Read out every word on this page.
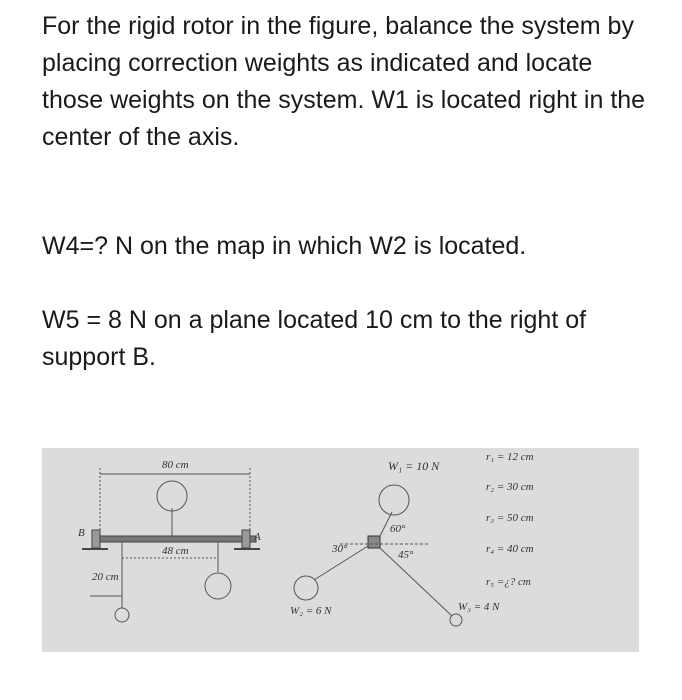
For the rigid rotor in the figure, balance the system by placing correction weights as indicated and locate those weights on the system. W1 is located right in the center of the axis.

W4=? N on the map in which W2 is located.

W5 = 8 N on a plane located 10 cm to the right of support B.

80 cm
48 cm
20 cm
B	A
W₁ = 10 N
W₂ = 6 N	W₃ = 4 N
60°
30°	45°
r₁ = 12 cm
r₂ = 30 cm
r₃ = 50 cm
r₄ = 40 cm
r₅ =¿? cm
